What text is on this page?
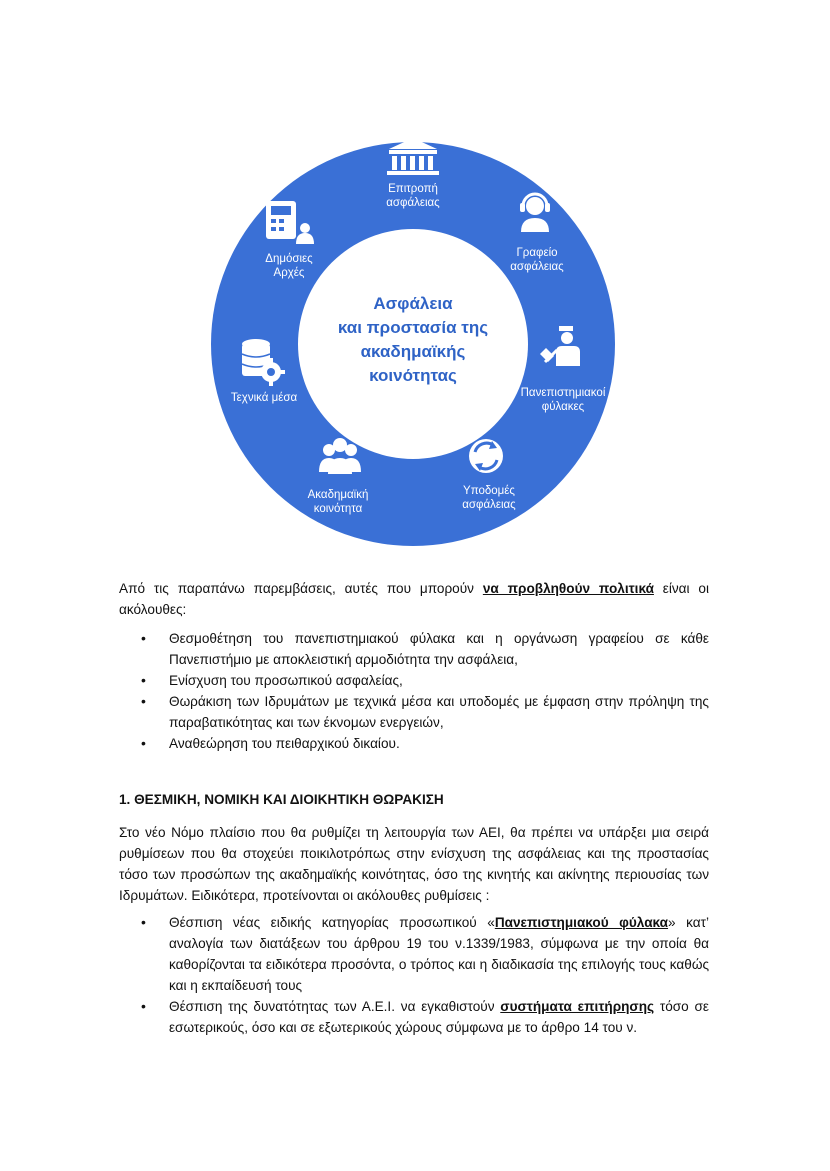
Ασφάλεια
και προστασία της
ακαδημαϊκής
κοινότητας
Επιτροπή
ασφάλειας
Γραφείο
ασφάλειας
Πανεπιστημιακοί
φύλακες
Υποδομές
ασφάλειας
Ακαδημαϊκή
κοινότητα
Τεχνικά μέσα
Δημόσιες
Αρχές

Από τις παραπάνω παρεμβάσεις, αυτές που μπορούν να προβληθούν πολιτικά είναι οι ακόλουθες:

• Θεσμοθέτηση του πανεπιστημιακού φύλακα και η οργάνωση γραφείου σε κάθε Πανεπιστήμιο με αποκλειστική αρμοδιότητα την ασφάλεια,

• Ενίσχυση του προσωπικού ασφαλείας,

• Θωράκιση των Ιδρυμάτων με τεχνικά μέσα και υποδομές με έμφαση στην πρόληψη της παραβατικότητας και των έκνομων ενεργειών,

• Αναθεώρηση του πειθαρχικού δικαίου.

1. ΘΕΣΜΙΚΗ, ΝΟΜΙΚΗ ΚΑΙ ΔΙΟΙΚΗΤΙΚΗ ΘΩΡΑΚΙΣΗ

Στο νέο Νόμο πλαίσιο που θα ρυθμίζει τη λειτουργία των ΑΕΙ, θα πρέπει να υπάρξει μια σειρά ρυθμίσεων που θα στοχεύει ποικιλοτρόπως στην ενίσχυση της ασφάλειας και της προστασίας τόσο των προσώπων της ακαδημαϊκής κοινότητας, όσο της κινητής και ακίνητης περιουσίας των Ιδρυμάτων. Ειδικότερα, προτείνονται οι ακόλουθες ρυθμίσεις :

• Θέσπιση νέας ειδικής κατηγορίας προσωπικού «Πανεπιστημιακού φύλακα» κατ’ αναλογία των διατάξεων του άρθρου 19 του ν.1339/1983, σύμφωνα με την οποία θα καθορίζονται τα ειδικότερα προσόντα, ο τρόπος και η διαδικασία της επιλογής τους καθώς και η εκπαίδευσή τους

• Θέσπιση της δυνατότητας των Α.Ε.Ι. να εγκαθιστούν συστήματα επιτήρησης τόσο σε εσωτερικούς, όσο και σε εξωτερικούς χώρους σύμφωνα με το άρθρο 14 του ν.
